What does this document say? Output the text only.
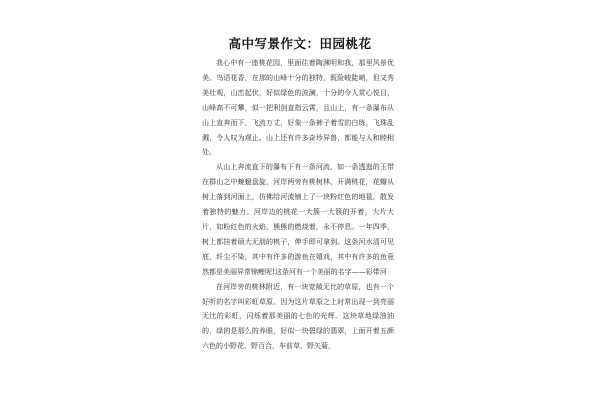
高中写景作文：田园桃花

我心中有一座桃花园，里面住着陶渊明和我，那里风景优美。鸟语花香，在那的山峰十分的独特，既险峻陡峭，但又秀美壮观，山峦起伏，好似绿色的波澜，十分的令人赏心悦目，山峰高不可攀，似一把利剑直指云霄，且山上，有一条瀑布从山上直奔而下，飞流万丈，好象一条裤子着雪的白练，飞珠乱溅，令人叹为观止。山上还有许多奇珍异兽，都能与人和睦相处。

从山上奔流直下的瀑布下有一条河流，如一条透迤的玉带在群山之中蜿蜒盘旋，河岸两旁有桃树林，开满桃花，花瓣从树上落到河面上，仿佛给河流铺上了一块粉红色的地毯，散发着独特的魅力。河岸边的桃花一大簇一大簇的开着，大片大片，如粉红色的火焰，熊熊的燃烧着，永不停息。一年四季，树上都挂着硕大无朋的桃子，伸手即可拿到。这条河水清可见底，纤尘不染，其中有许多的游鱼在嬉戏，其中有许多的鱼竟然都是美丽异常锦鲤呢!这条河有一个美丽的名字——彩带河

在河岸旁的桃林附近，有一块宽敞无比的草原，也有一个好听的名字叫彩虹草原。因为这片草原之上时常出现一到亮丽无比的彩虹，闪烁着那美丽的七色的光辉。这块草地绿油油的，绿的是那么的养眼，好似一块碧绿的翡翠，上面开着五颜六色的小野花，野百合，车前草，野矢菊，
